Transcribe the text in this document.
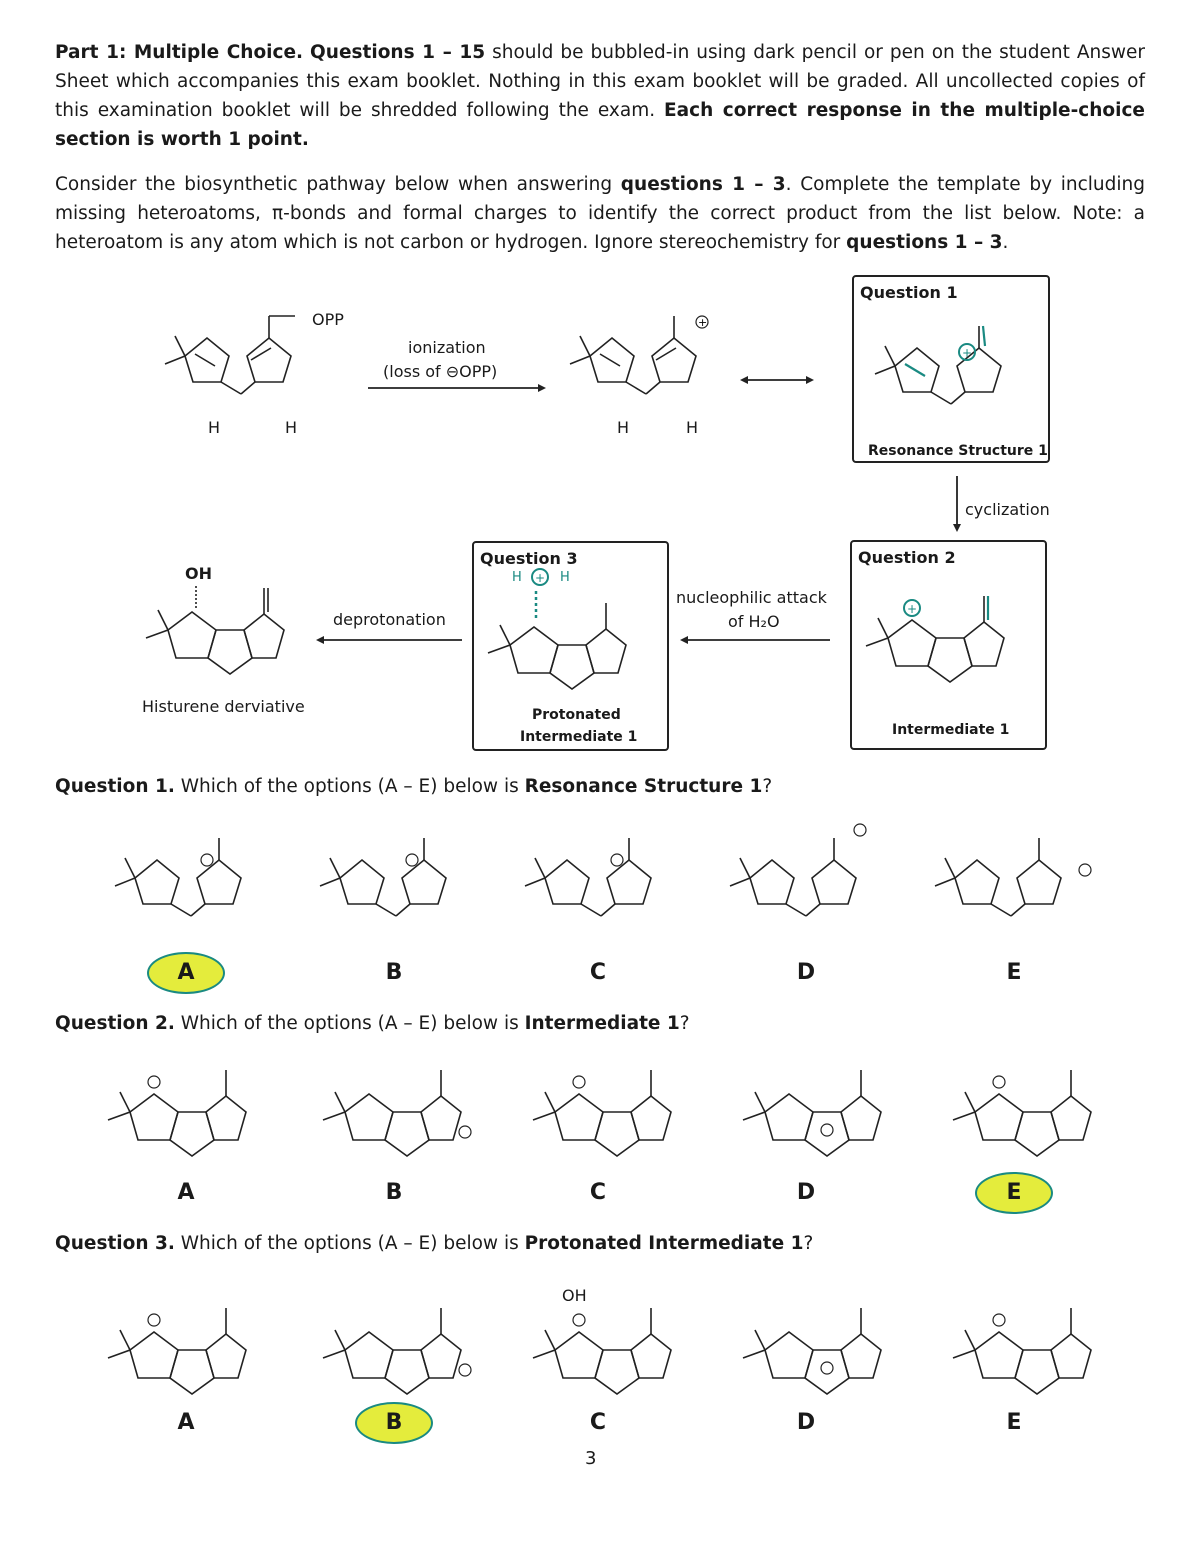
Part 1: Multiple Choice. Questions 1 – 15 should be bubbled-in using dark pencil or pen on the student Answer Sheet which accompanies this exam booklet. Nothing in this exam booklet will be graded. All uncollected copies of this examination booklet will be shredded following the exam. Each correct response in the multiple-choice section is worth 1 point.
Consider the biosynthetic pathway below when answering questions 1 – 3. Complete the template by including missing heteroatoms, π-bonds and formal charges to identify the correct product from the list below. Note: a heteroatom is any atom which is not carbon or hydrogen. Ignore stereochemistry for questions 1 – 3.
OPP
H	H
ionization
(loss of ⊖OPP)
+
H	H
Question 1
Resonance Structure 1
+
cyclization
Question 2
Intermediate 1
+
nucleophilic attack
of H₂O
Question 3
Protonated
Intermediate 1
H	H
+
deprotonation
OH
Histurene derviative
Question 1. Which of the options (A – E) below is Resonance Structure 1?
Question 2. Which of the options (A – E) below is Intermediate 1?
Question 3. Which of the options (A – E) below is Protonated Intermediate 1?
OH
3
A	B	C	D	E
A	B	C	D	E
A	B	C	D	E
